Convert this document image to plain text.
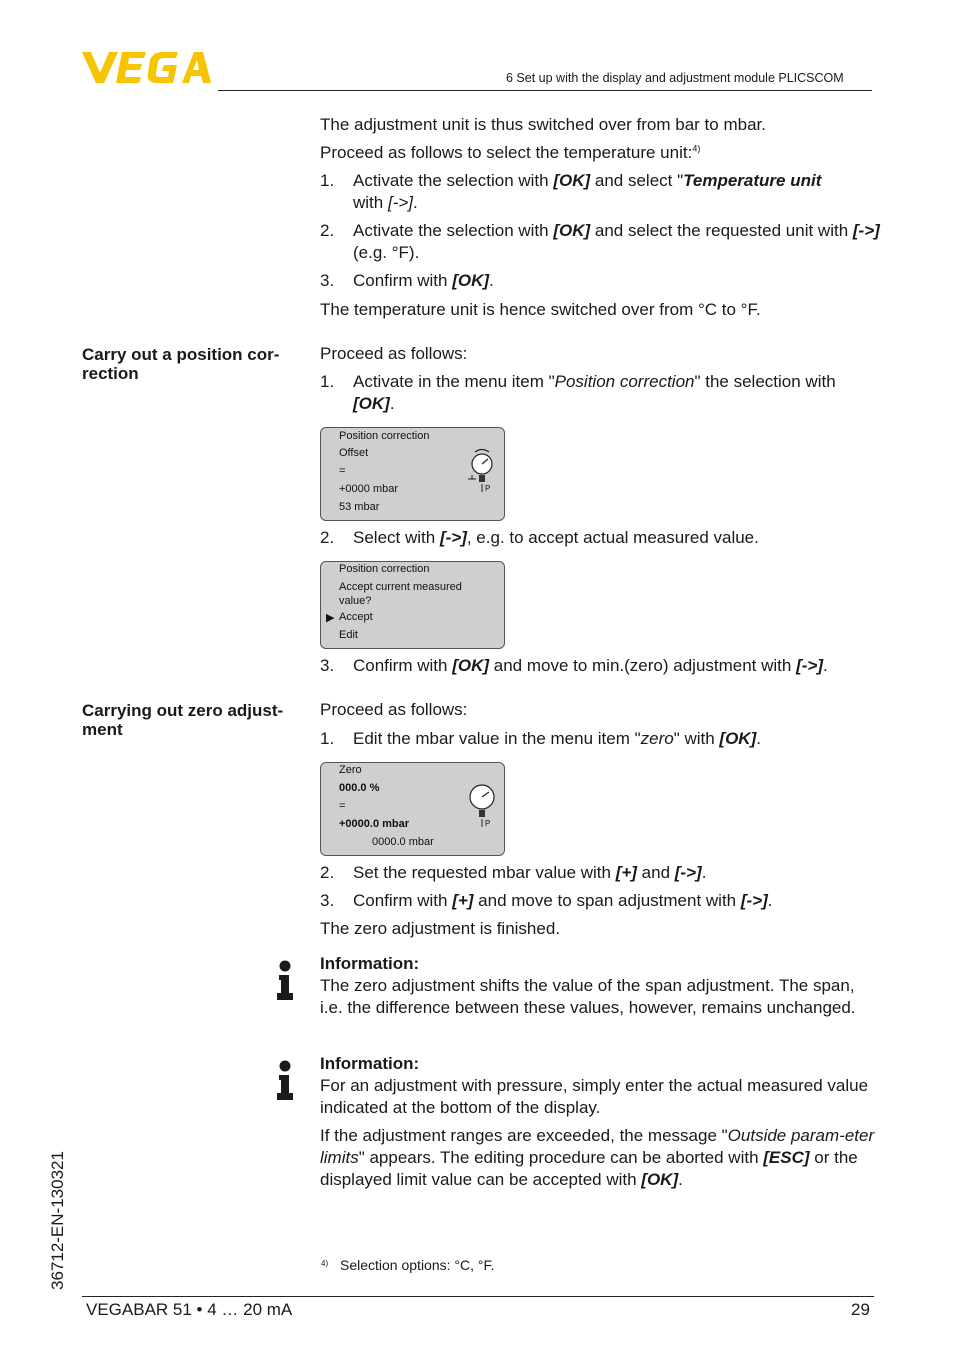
6 Set up with the display and adjustment module PLICSCOM
The adjustment unit is thus switched over from bar to mbar.
Proceed as follows to select the temperature unit:$^{4)}$
1.	Activate the selection with [OK] and select "Temperature unit
with [->].
2.	Activate the selection with [OK] and select the requested unit with [->] (e.g. °F).
3.	Confirm with [OK].
The temperature unit is hence switched over from °C to °F.
Carry out a position cor-
rection
Proceed as follows:
1.	Activate in the menu item "Position correction" the selection with
[OK].
Position correction
Offset
=
+0000 mbar
53 mbar
P
2.	Select with [->], e.g. to accept actual measured value.
Position correction
Accept current measured
value?
▶ Accept
Edit
3.	Confirm with [OK] and move to min.(zero) adjustment with [->].
Carrying out zero adjust-
ment
Proceed as follows:
1.	Edit the mbar value in the menu item "zero" with [OK].
Zero
000.0 %
=
+0000.0 mbar
0000.0 mbar
P
2.	Set the requested mbar value with [+] and [->].
3.	Confirm with [+] and move to span adjustment with [->].
The zero adjustment is finished.
Information:
The zero adjustment shifts the value of the span adjustment. The span, i.e. the difference between these values, however, remains unchanged.
Information:
For an adjustment with pressure, simply enter the actual measured value indicated at the bottom of the display.
If the adjustment ranges are exceeded, the message "Outside param-eter limits" appears. The editing procedure can be aborted with [ESC] or the displayed limit value can be accepted with [OK].
4) Selection options: °C, °F.
36712-EN-130321
VEGABAR 51 • 4 … 20 mA	29
